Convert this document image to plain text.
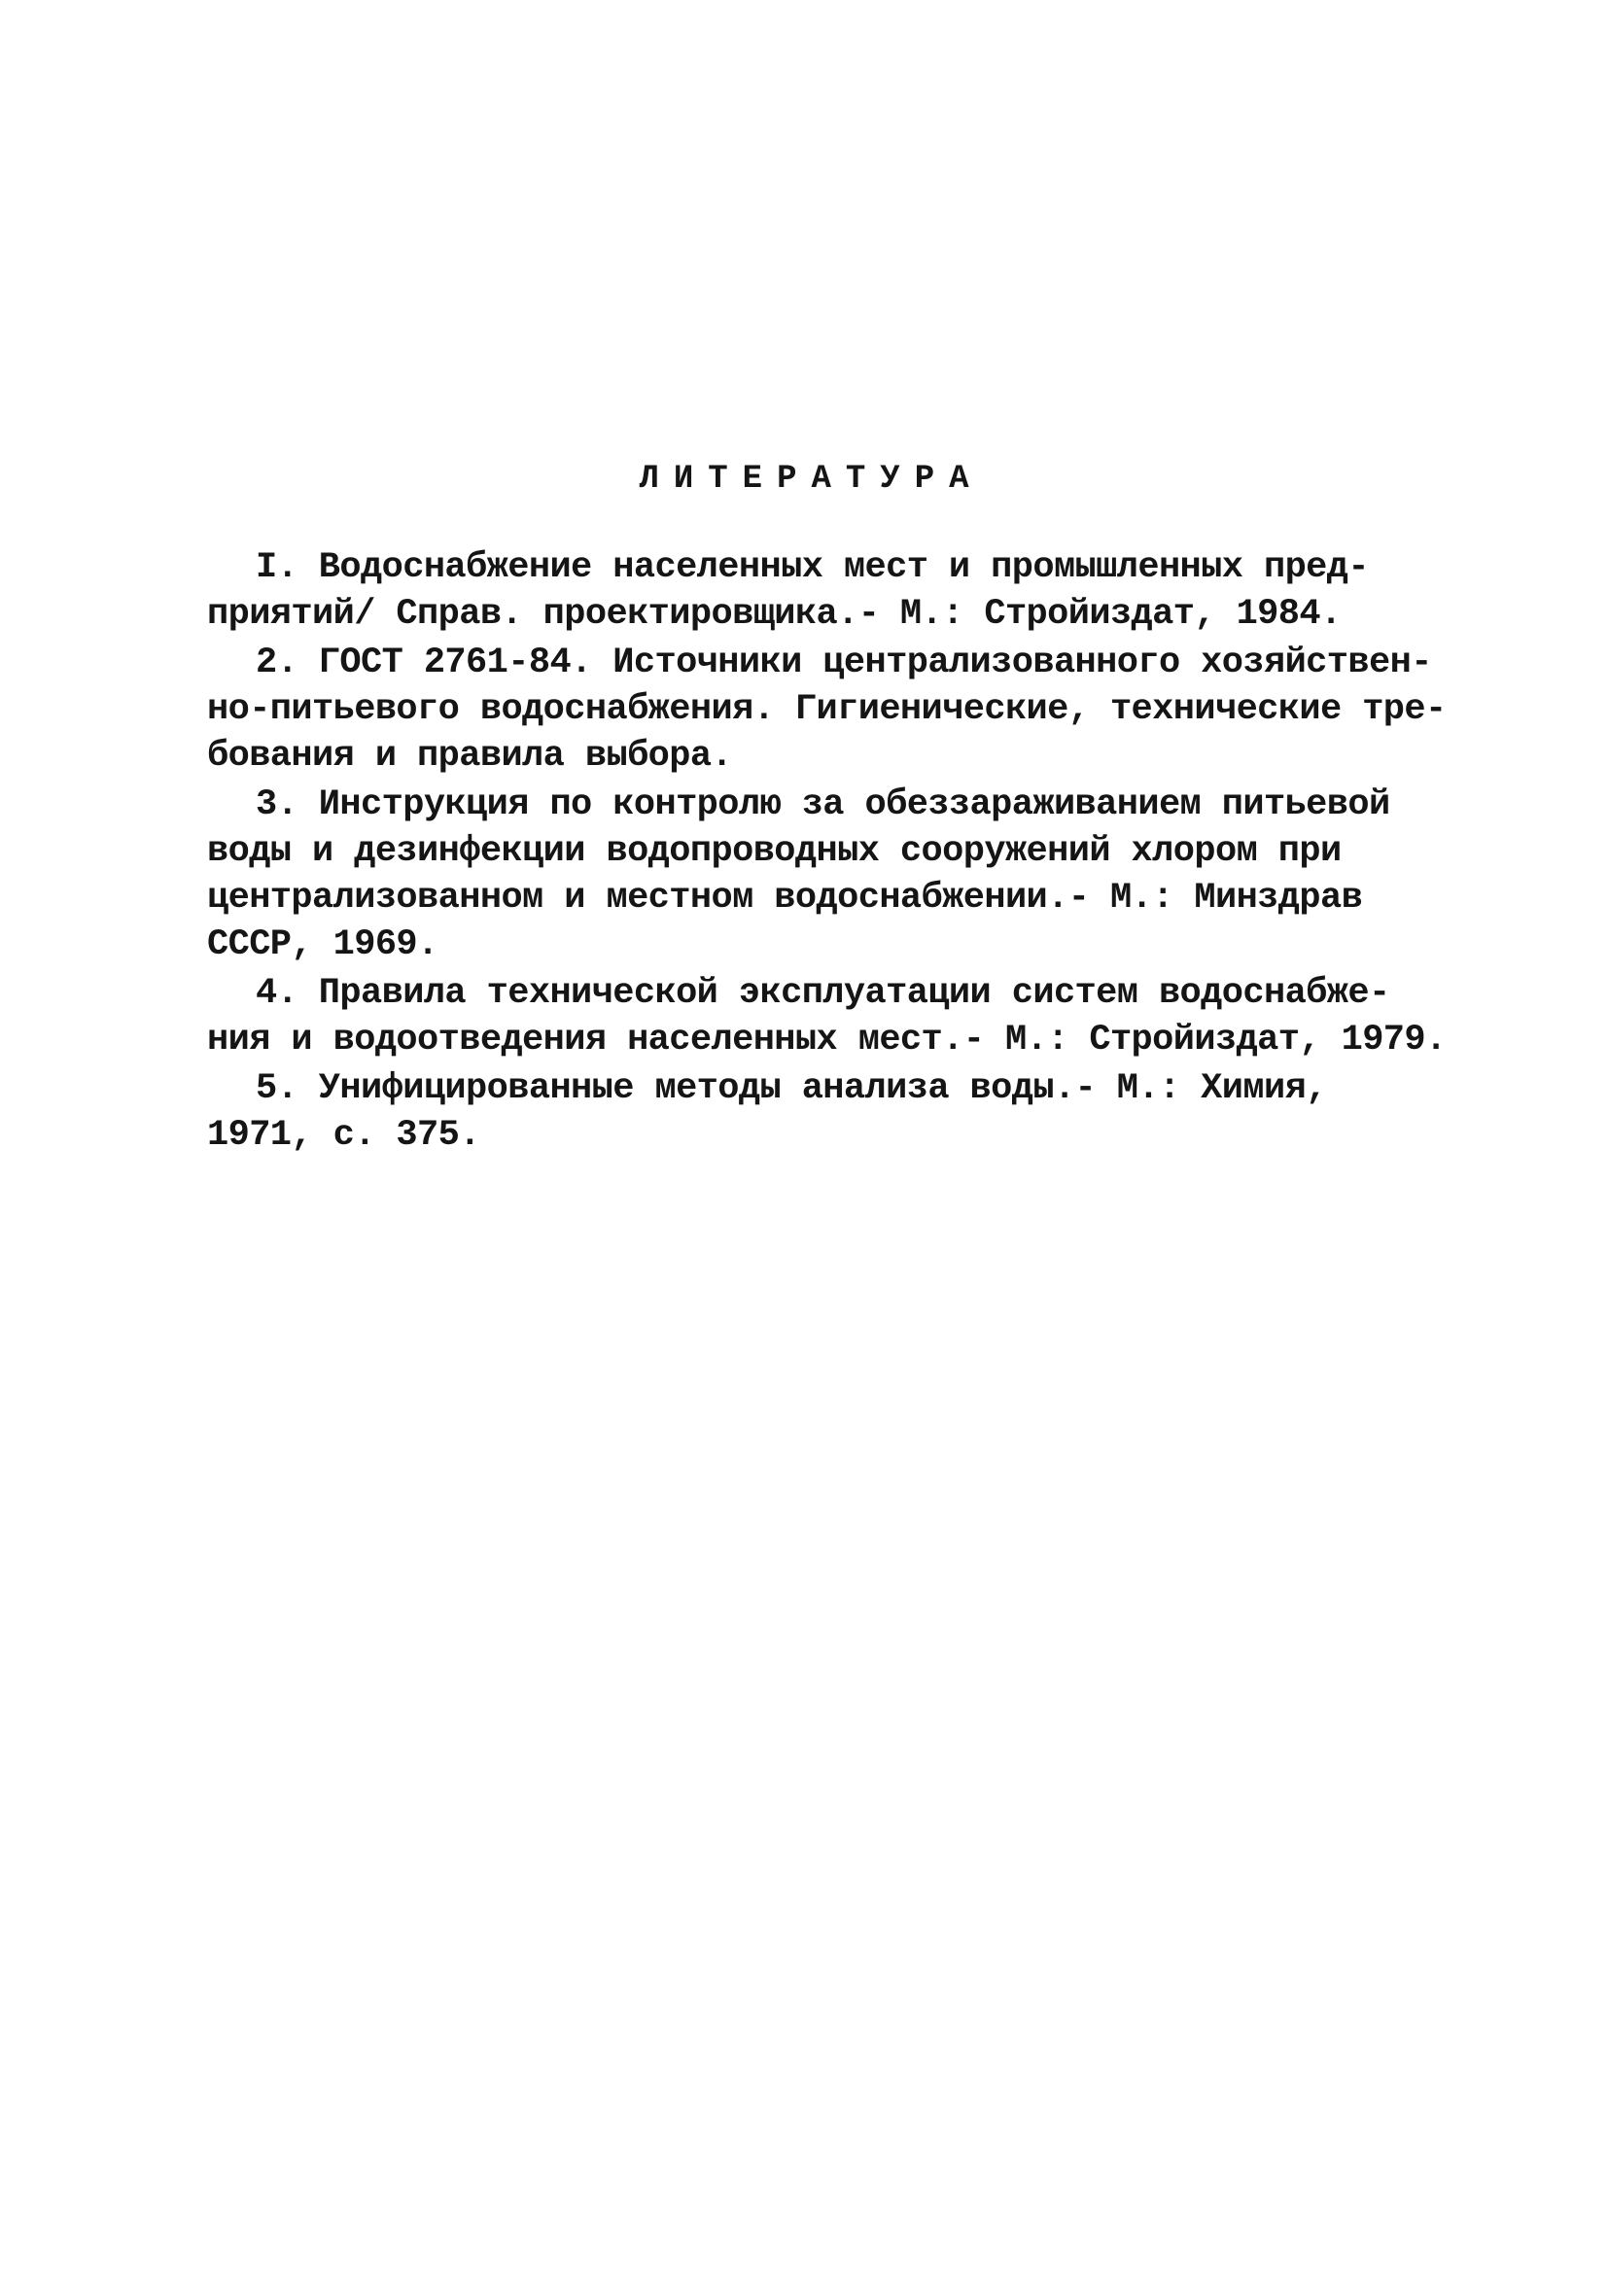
ЛИТЕРАТУРА
I. Водоснабжение населенных мест и промышленных пред-
приятий/ Справ. проектировщика.- М.: Стройиздат, 1984.
2. ГОСТ 2761-84. Источники централизованного хозяйствен-
но-питьевого водоснабжения. Гигиенические, технические тре-
бования и правила выбора.
3. Инструкция по контролю за обеззараживанием питьевой
воды и дезинфекции водопроводных сооружений хлором при
централизованном и местном водоснабжении.- М.: Минздрав
СССР, 1969.
4. Правила технической эксплуатации систем водоснабже-
ния и водоотведения населенных мест.- М.: Стройиздат, 1979.
5. Унифицированные методы анализа воды.- М.: Химия,
1971, с. 375.
